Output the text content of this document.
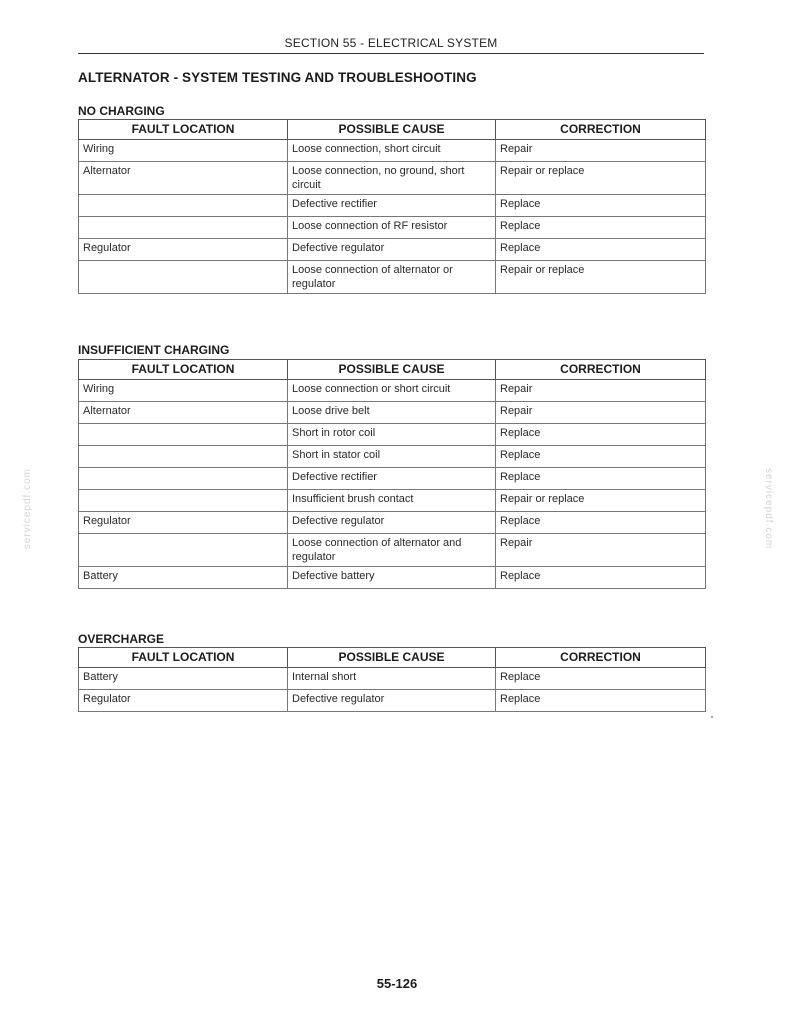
SECTION 55 - ELECTRICAL SYSTEM
ALTERNATOR - SYSTEM TESTING AND TROUBLESHOOTING
NO CHARGING
FAULT LOCATION	POSSIBLE CAUSE	CORRECTION
Wiring	Loose connection, short circuit	Repair
Alternator	Loose connection, no ground, short circuit	Repair or replace
	Defective rectifier	Replace
	Loose connection of RF resistor	Replace
Regulator	Defective regulator	Replace
	Loose connection of alternator or regulator	Repair or replace
INSUFFICIENT CHARGING
FAULT LOCATION	POSSIBLE CAUSE	CORRECTION
Wiring	Loose connection or short circuit	Repair
Alternator	Loose drive belt	Repair
	Short in rotor coil	Replace
	Short in stator coil	Replace
	Defective rectifier	Replace
	Insufficient brush contact	Repair or replace
Regulator	Defective regulator	Replace
	Loose connection of alternator and regulator	Repair
Battery	Defective battery	Replace
OVERCHARGE
FAULT LOCATION	POSSIBLE CAUSE	CORRECTION
Battery	Internal short	Replace
Regulator	Defective regulator	Replace
servicepdf.com	servicepdf.com
55-126
